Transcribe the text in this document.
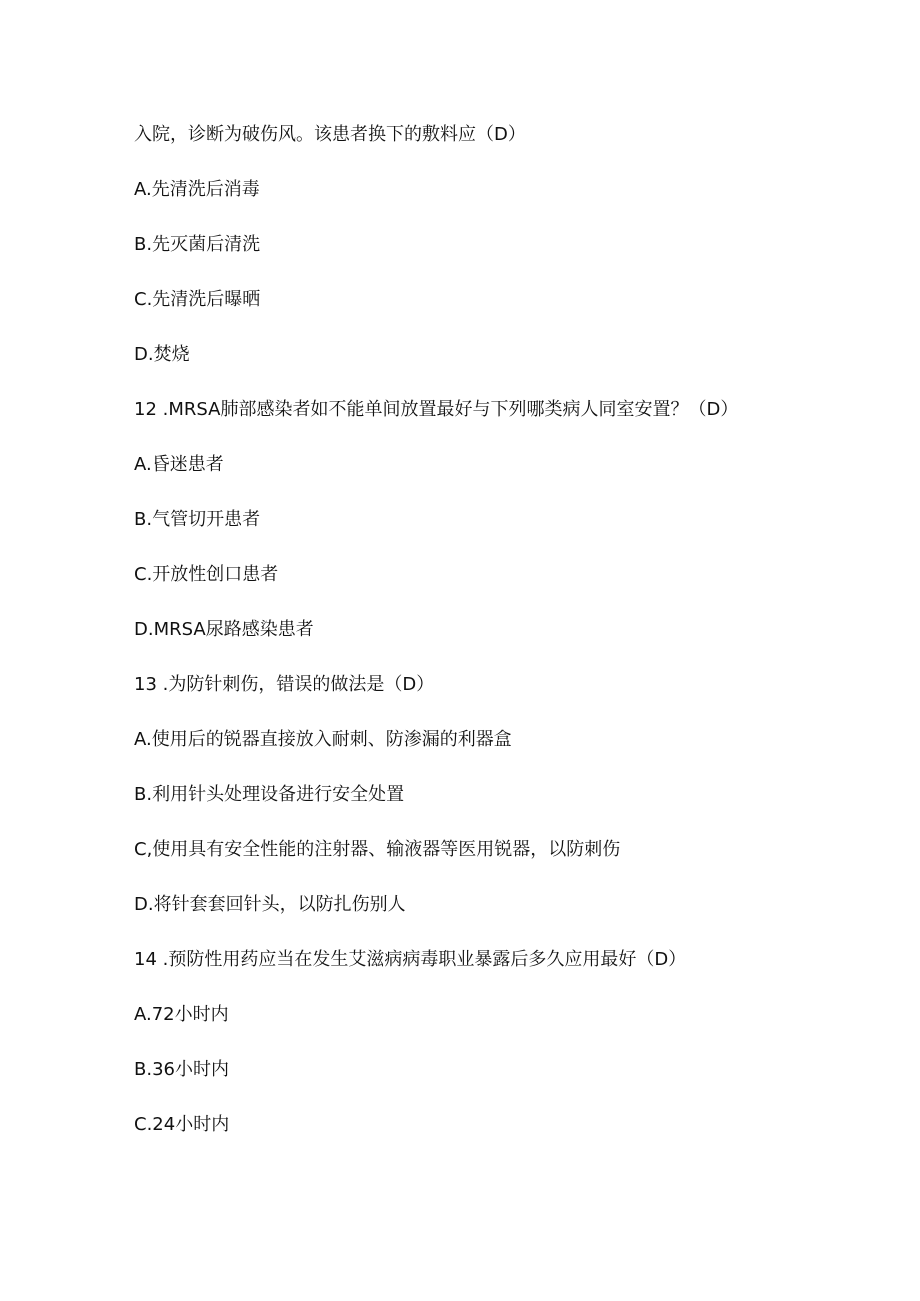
入院，诊断为破伤风。该患者换下的敷料应（D）
A.先清洗后消毒
B.先灭菌后清洗
C.先清洗后曝晒
D.焚烧
12 .MRSA肺部感染者如不能单间放置最好与下列哪类病人同室安置？（D）
A.昏迷患者
B.气管切开患者
C.开放性创口患者
D.MRSA尿路感染患者
13 .为防针刺伤，错误的做法是（D）
A.使用后的锐器直接放入耐刺、防渗漏的利器盒
B.利用针头处理设备进行安全处置
C,使用具有安全性能的注射器、输液器等医用锐器，以防刺伤
D.将针套套回针头，以防扎伤别人
14 .预防性用药应当在发生艾滋病病毒职业暴露后多久应用最好（D）
A.72小时内
B.36小时内
C.24小时内
